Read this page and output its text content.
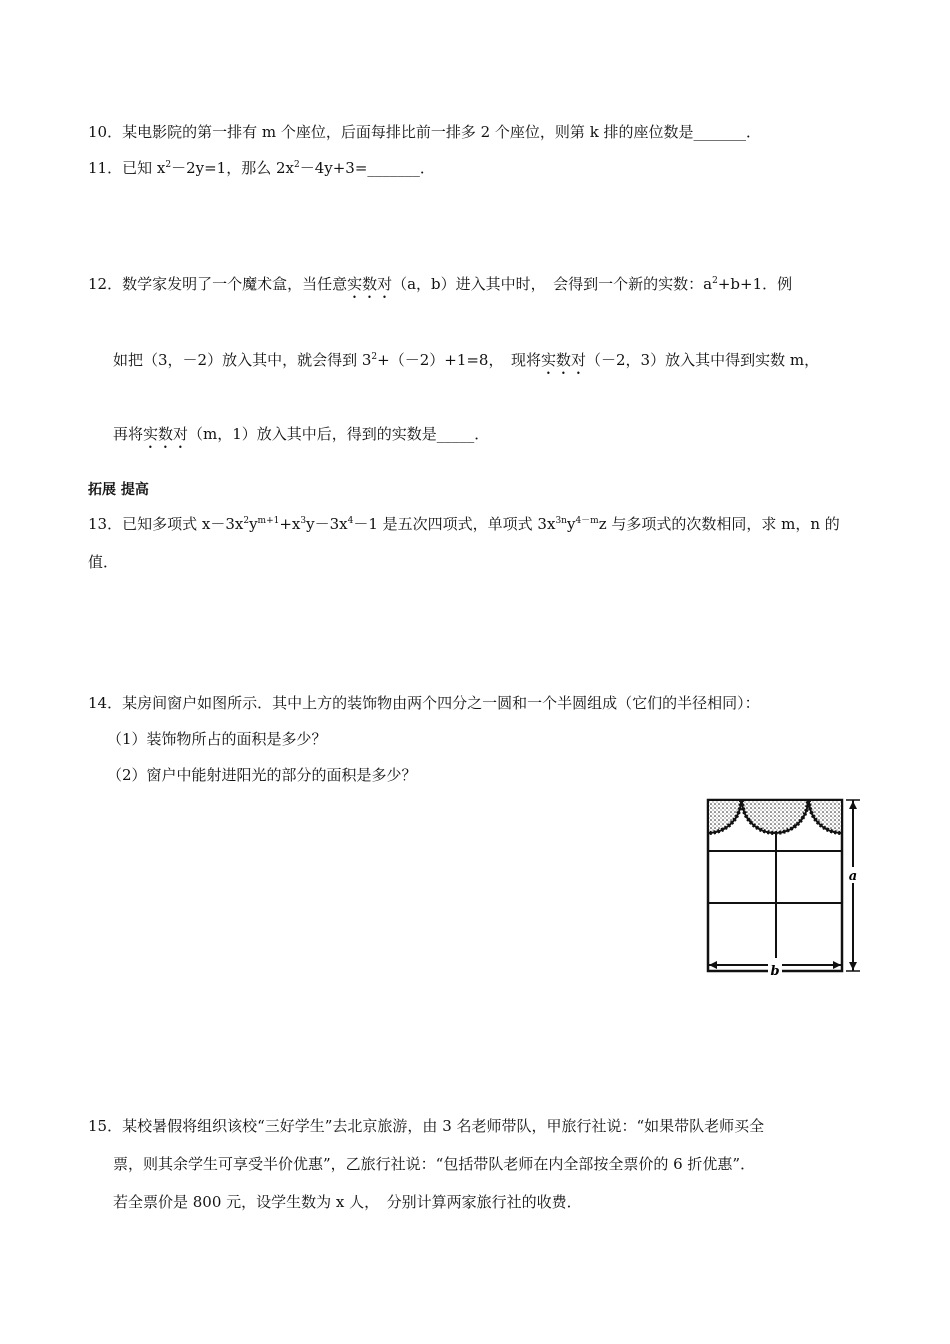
10．某电影院的第一排有 m 个座位，后面每排比前一排多 2 个座位，则第 k 排的座位数是_______．
11．已知 $x^2-2y=1$，那么 $2x^2-4y+3=\_\_\_\_\_\_\_$．
12．数学家发明了一个魔术盒，当任意实数对（a，b）进入其中时，　会得到一个新的实数：$a^2+b+1$．例
如把（3，－2）放入其中，就会得到 $3^2+(-2)+1=8$，　现将实数对（－2，3）放入其中得到实数 m，
再将实数对（m，1）放入其中后，得到的实数是_____．
拓展 提高
13．已知多项式 $x-3x^2y^{m+1}+x^3y-3x^4-1$ 是五次四项式，单项式 $3x^{3n}y^{4-m}z$ 与多项式的次数相同，求 m，n 的
值．
14．某房间窗户如图所示．其中上方的装饰物由两个四分之一圆和一个半圆组成（它们的半径相同）：
（1）装饰物所占的面积是多少？
（2）窗户中能射进阳光的部分的面积是多少？
a
b
15．某校暑假将组织该校“三好学生”去北京旅游，由 3 名老师带队，甲旅行社说：“如果带队老师买全
票，则其余学生可享受半价优惠”，乙旅行社说：“包括带队老师在内全部按全票价的 6 折优惠”．
若全票价是 800 元，设学生数为 x 人，　分别计算两家旅行社的收费．
